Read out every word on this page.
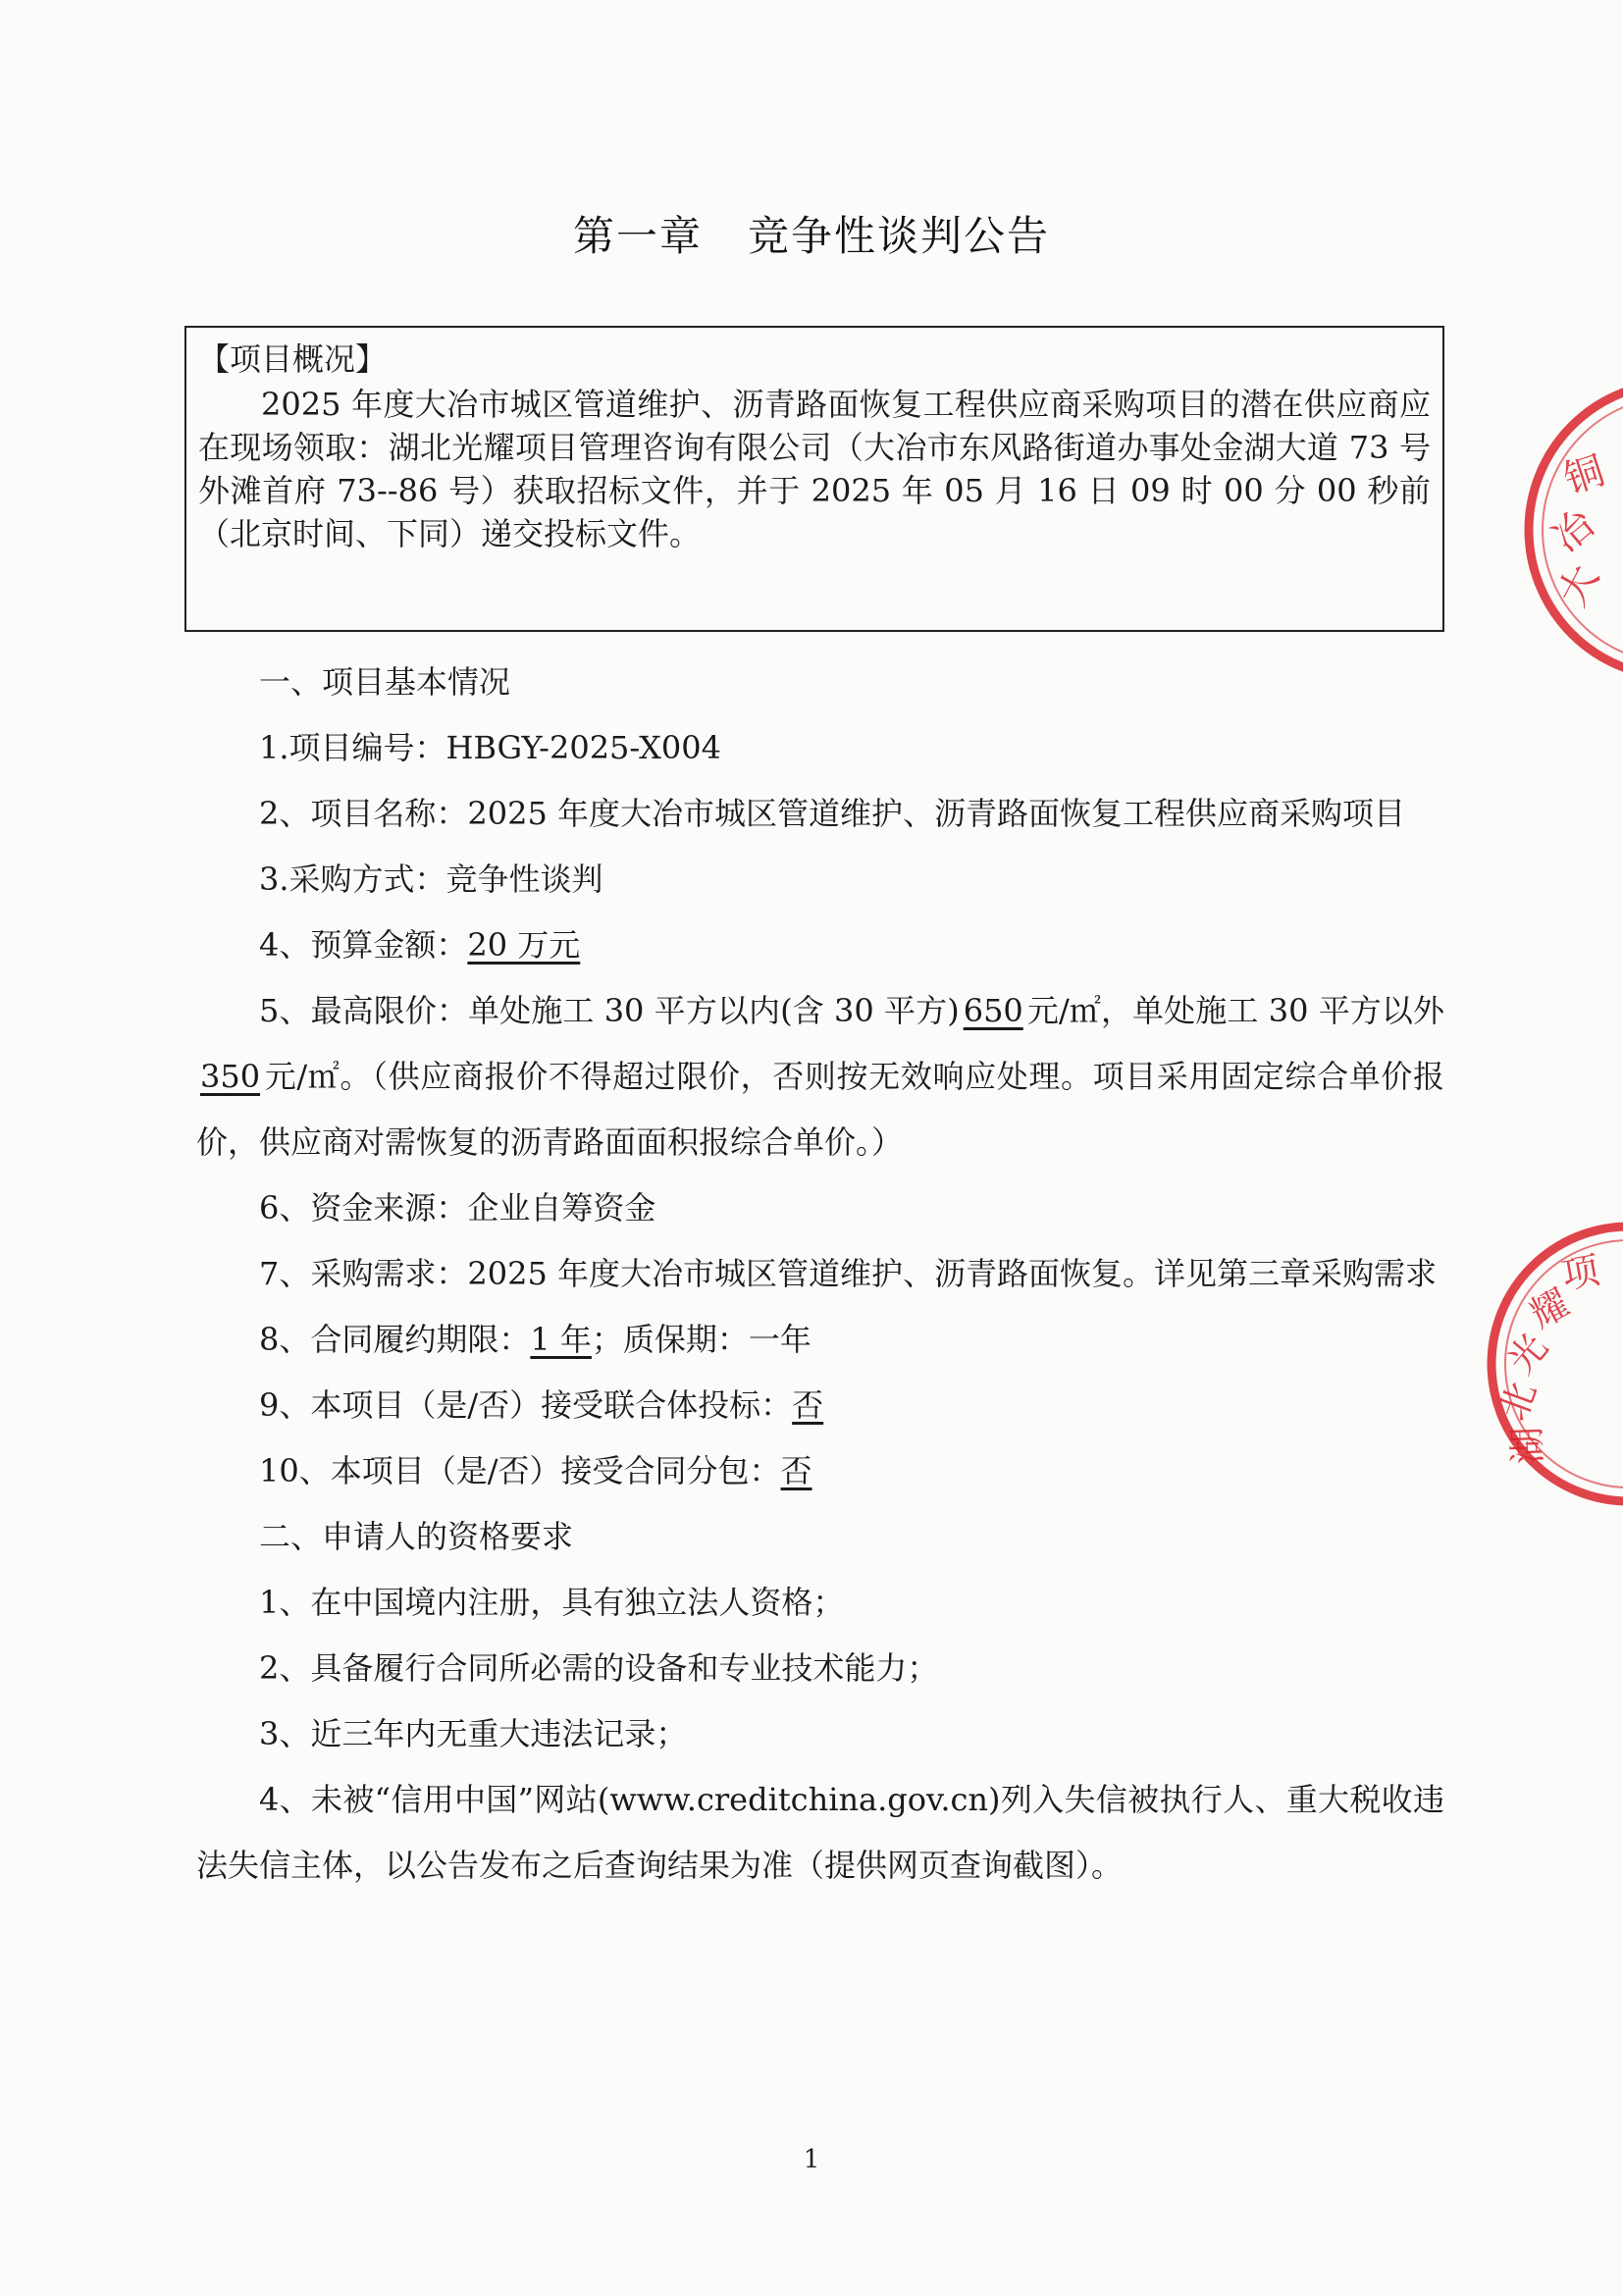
第一章 竞争性谈判公告
【项目概况】
2025 年度大冶市城区管道维护、沥青路面恢复工程供应商采购项目的潜在供应商应在现场领取：湖北光耀项目管理咨询有限公司（大冶市东风路街道办事处金湖大道 73 号外滩首府 73--86 号）获取招标文件，并于 2025 年 05 月 16 日 09 时 00 分 00 秒前（北京时间、下同）递交投标文件。
一、项目基本情况
1.项目编号：HBGY-2025-X004
2、项目名称：2025 年度大冶市城区管道维护、沥青路面恢复工程供应商采购项目
3.采购方式：竞争性谈判
4、预算金额：20 万元
5、最高限价：单处施工 30 平方以内(含 30 平方) 650 元/㎡，单处施工 30 平方以外350 元/㎡。（供应商报价不得超过限价，否则按无效响应处理。项目采用固定综合单价报价，供应商对需恢复的沥青路面面积报综合单价。）
6、资金来源：企业自筹资金
7、采购需求：2025 年度大冶市城区管道维护、沥青路面恢复。详见第三章采购需求
8、合同履约期限：1 年；质保期：一年
9、本项目（是/否）接受联合体投标：否
10、本项目（是/否）接受合同分包：否
二、申请人的资格要求
1、在中国境内注册，具有独立法人资格；
2、具备履行合同所必需的设备和专业技术能力；
3、近三年内无重大违法记录；
4、未被“信用中国”网站(www.creditchina.gov.cn)列入失信被执行人、重大税收违法失信主体，以公告发布之后查询结果为准（提供网页查询截图）。
1
铜
冶
大
项
耀
光
北
湖
